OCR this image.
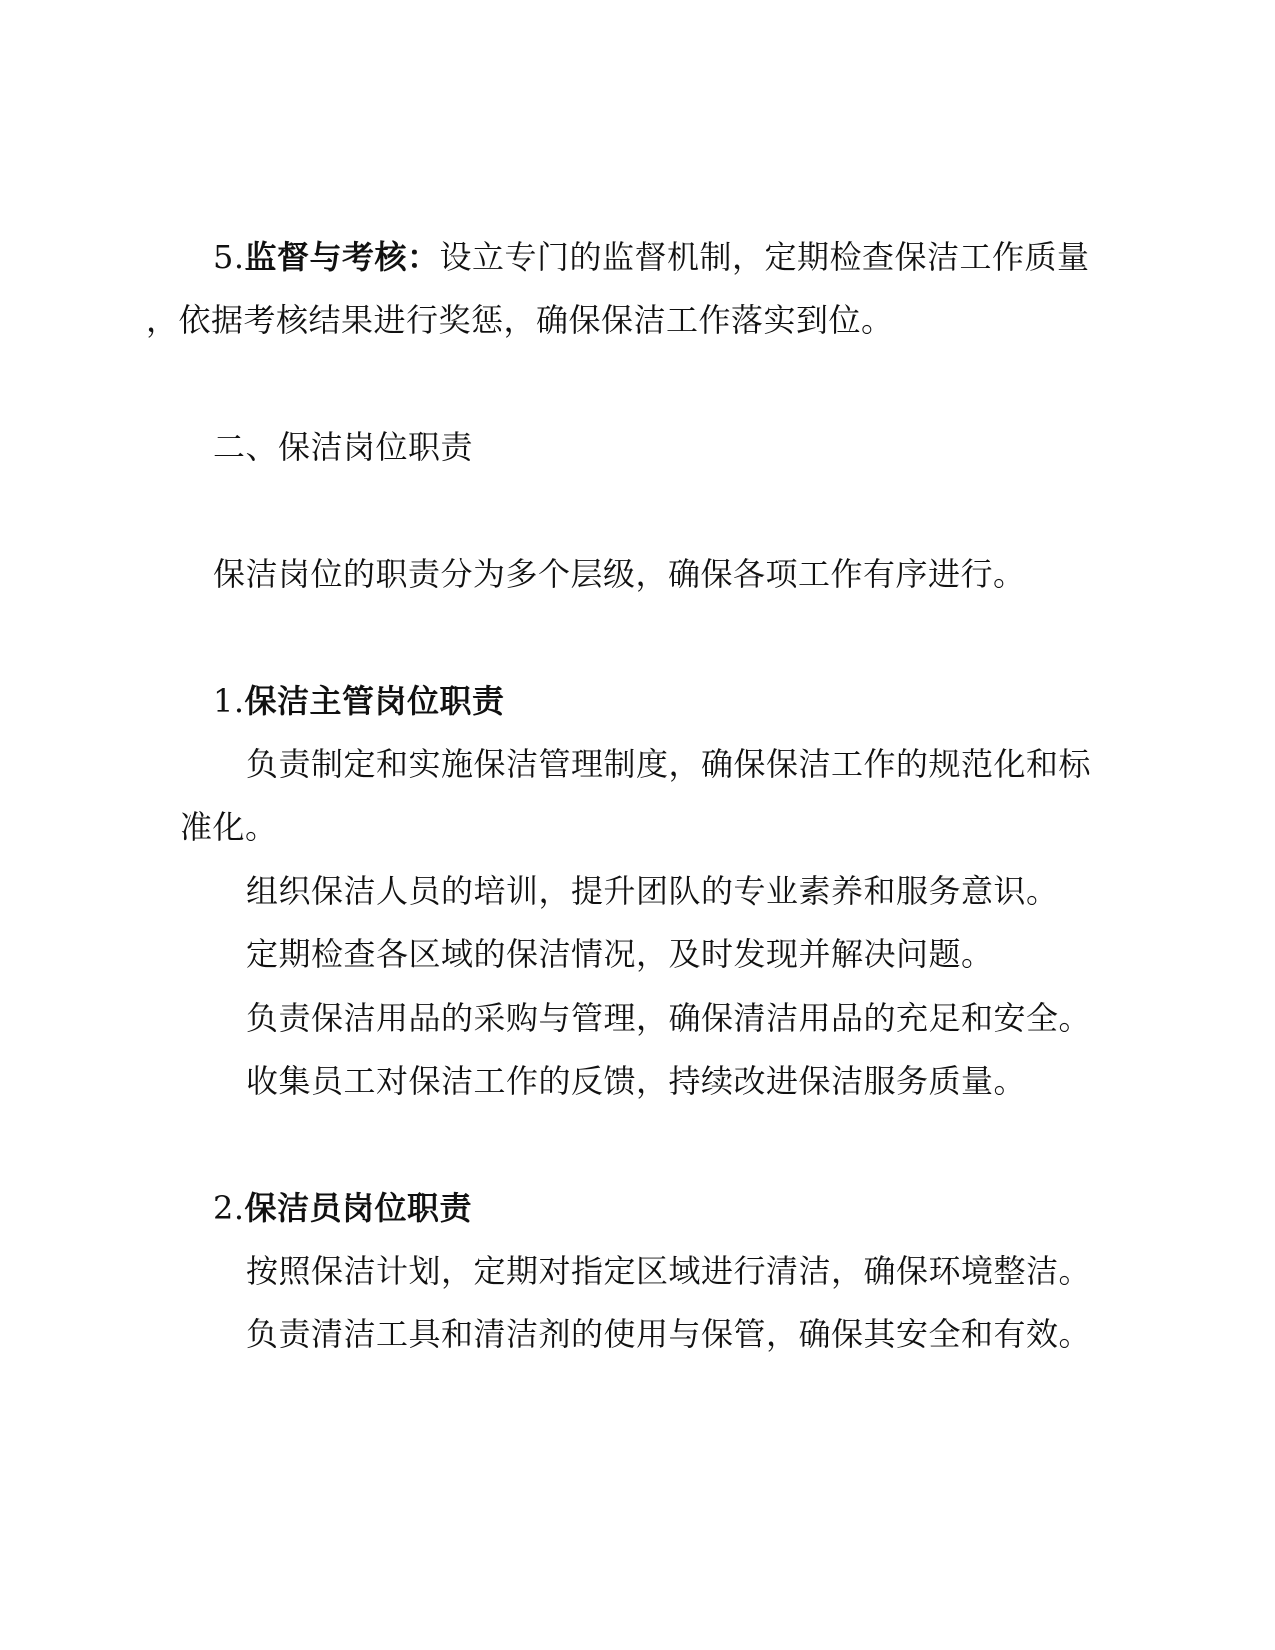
5.监督与考核：设立专门的监督机制，定期检查保洁工作质量
，依据考核结果进行奖惩，确保保洁工作落实到位。
二、保洁岗位职责
保洁岗位的职责分为多个层级，确保各项工作有序进行。
1.保洁主管岗位职责
负责制定和实施保洁管理制度，确保保洁工作的规范化和标
准化。
组织保洁人员的培训，提升团队的专业素养和服务意识。
定期检查各区域的保洁情况，及时发现并解决问题。
负责保洁用品的采购与管理，确保清洁用品的充足和安全。
收集员工对保洁工作的反馈，持续改进保洁服务质量。
2.保洁员岗位职责
按照保洁计划，定期对指定区域进行清洁，确保环境整洁。
负责清洁工具和清洁剂的使用与保管，确保其安全和有效。
